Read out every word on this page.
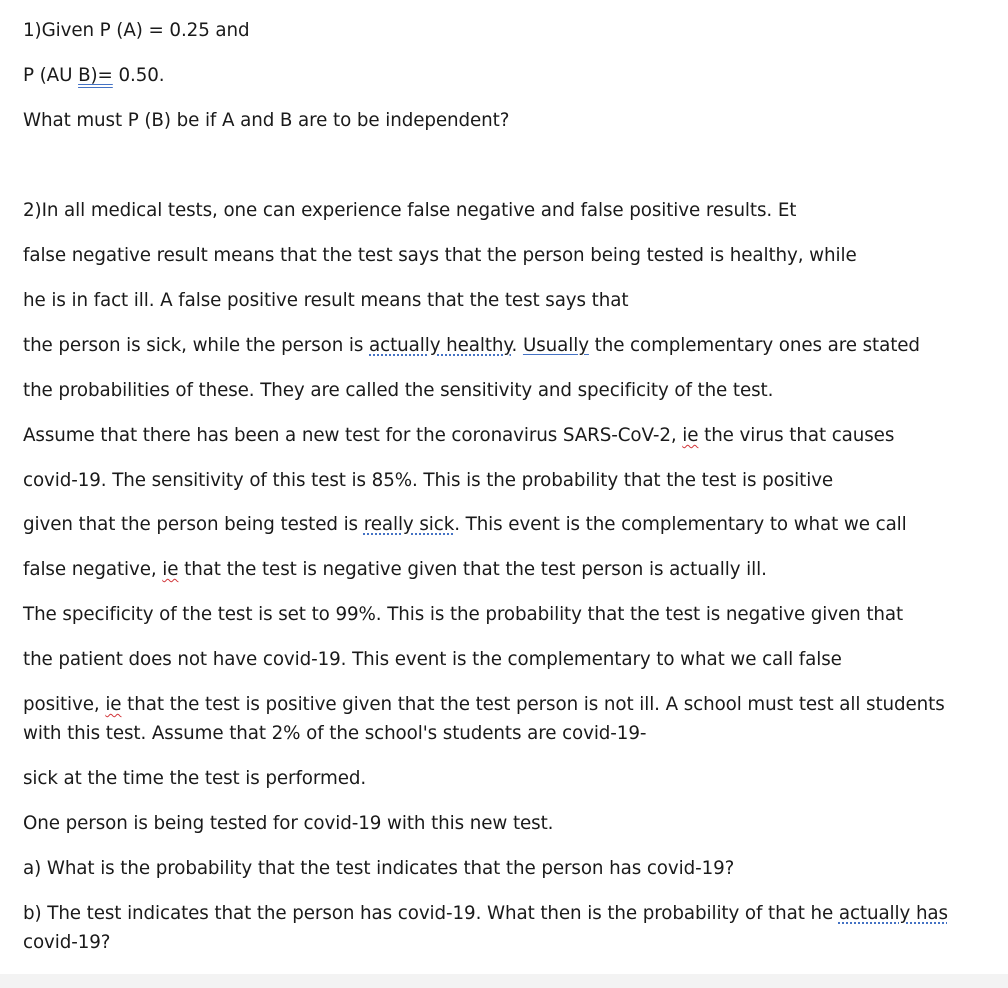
1)Given P (A) = 0.25 and
P (AU B)= 0.50.
What must P (B) be if A and B are to be independent?
2)In all medical tests, one can experience false negative and false positive results. Et
false negative result means that the test says that the person being tested is healthy, while
he is in fact ill. A false positive result means that the test says that
the person is sick, while the person is actually healthy. Usually the complementary ones are stated
the probabilities of these. They are called the sensitivity and specificity of the test.
Assume that there has been a new test for the coronavirus SARS-CoV-2, ie the virus that causes
covid-19. The sensitivity of this test is 85%. This is the probability that the test is positive
given that the person being tested is really sick. This event is the complementary to what we call
false negative, ie that the test is negative given that the test person is actually ill.
The specificity of the test is set to 99%. This is the probability that the test is negative given that
the patient does not have covid-19. This event is the complementary to what we call false
positive, ie that the test is positive given that the test person is not ill. A school must test all students
with this test. Assume that 2% of the school's students are covid-19-
sick at the time the test is performed.
One person is being tested for covid-19 with this new test.
a) What is the probability that the test indicates that the person has covid-19?
b) The test indicates that the person has covid-19. What then is the probability of that he actually has
covid-19?
